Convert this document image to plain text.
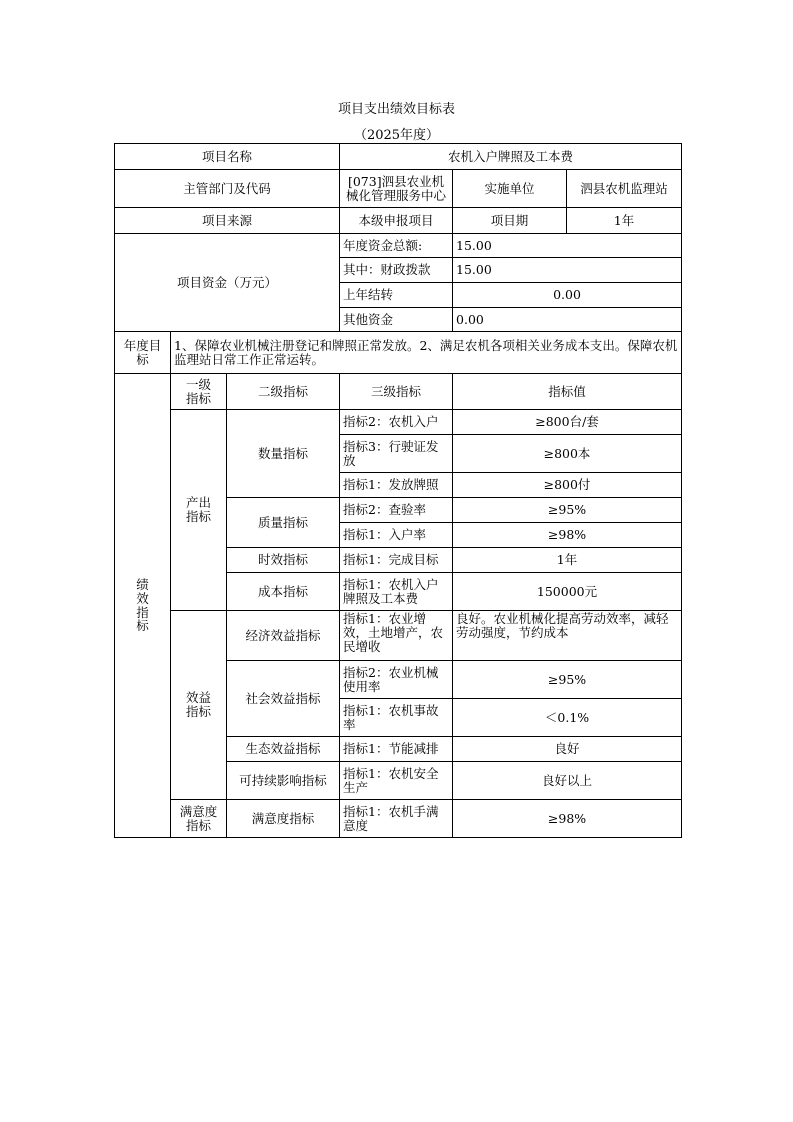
项目支出绩效目标表
（2025年度）
项目名称			农机入户牌照及工本费		
主管部门及代码			[073]泗县农业机械化管理服务中心	实施单位	泗县农机监理站
项目来源			本级申报项目	项目期	1年
项目资金（万元）			年度资金总额:	15.00	
			其中：财政拨款	15.00	
			上年结转	0.00	
			其他资金	0.00	
年度目标	1、保障农业机械注册登记和牌照正常发放。2、满足农机各项相关业务成本支出。保障农机监理站日常工作正常运转。				
绩效指标	一级指标	二级指标	三级指标	指标值	
	产出指标	数量指标	指标2：农机入户	≥800台/套	
			指标3：行驶证发放	≥800本	
			指标1：发放牌照	≥800付	
		质量指标	指标2：查验率	≥95%	
			指标1：入户率	≥98%	
		时效指标	指标1：完成目标	1年	
		成本指标	指标1：农机入户牌照及工本费	150000元	
	效益指标	经济效益指标	指标1：农业增效，土地增产，农民增收	良好。农业机械化提高劳动效率，减轻劳动强度，节约成本	
		社会效益指标	指标2：农业机械使用率	≥95%	
			指标1：农机事故率	＜0.1%	
		生态效益指标	指标1：节能减排	良好	
		可持续影响指标	指标1：农机安全生产	良好以上	
	满意度指标	满意度指标	指标1：农机手满意度	≥98%	
